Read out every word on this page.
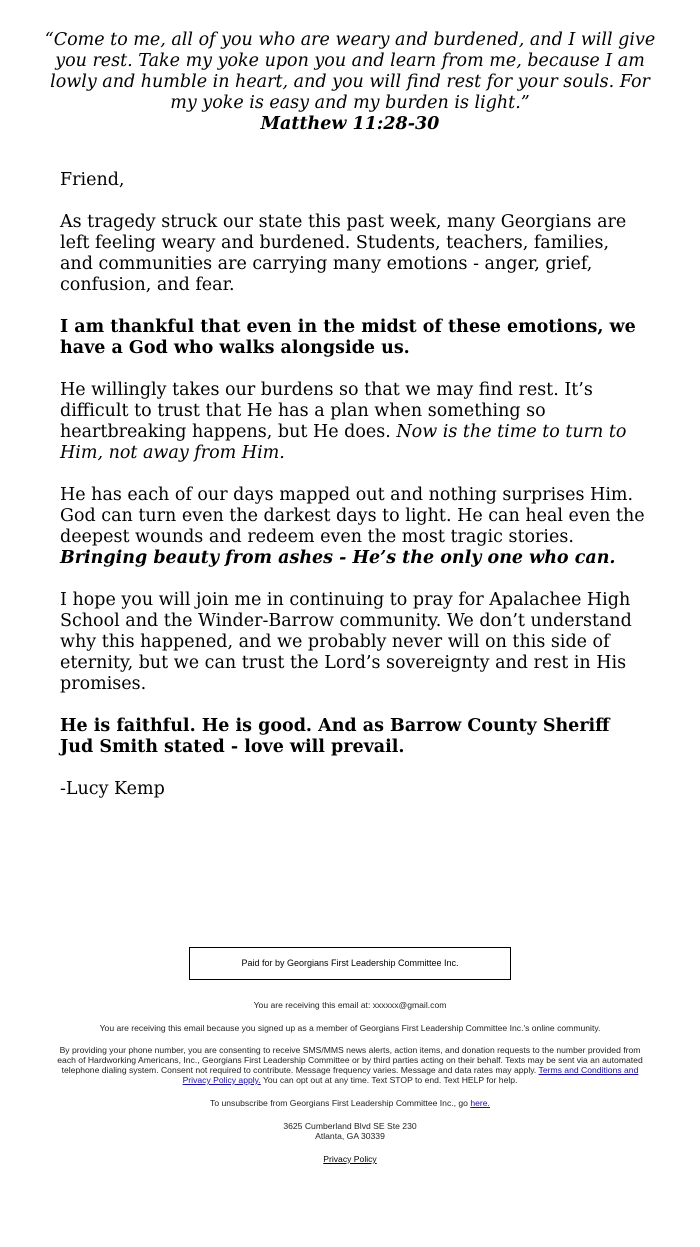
“Come to me, all of you who are weary and burdened, and I will give you rest. Take my yoke upon you and learn from me, because I am lowly and humble in heart, and you will find rest for your souls. For my yoke is easy and my burden is light.”

Matthew 11:28-30

Friend,

As tragedy struck our state this past week, many Georgians are left feeling weary and burdened. Students, teachers, families, and communities are carrying many emotions - anger, grief, confusion, and fear.

I am thankful that even in the midst of these emotions, we have a God who walks alongside us.

He willingly takes our burdens so that we may find rest. It’s difficult to trust that He has a plan when something so heartbreaking happens, but He does. Now is the time to turn to Him, not away from Him.

He has each of our days mapped out and nothing surprises Him. God can turn even the darkest days to light. He can heal even the deepest wounds and redeem even the most tragic stories. Bringing beauty from ashes - He’s the only one who can.

I hope you will join me in continuing to pray for Apalachee High School and the Winder-Barrow community. We don’t understand why this happened, and we probably never will on this side of eternity, but we can trust the Lord’s sovereignty and rest in His promises.

He is faithful. He is good. And as Barrow County Sheriff Jud Smith stated - love will prevail.

-Lucy Kemp

Paid for by Georgians First Leadership Committee Inc.

You are receiving this email at: xxxxxx@gmail.com

You are receiving this email because you signed up as a member of Georgians First Leadership Committee Inc.'s online community.

By providing your phone number, you are consenting to receive SMS/MMS news alerts, action items, and donation requests to the number provided from each of Hardworking Americans, Inc., Georgians First Leadership Committee or by third parties acting on their behalf. Texts may be sent via an automated telephone dialing system. Consent not required to contribute. Message frequency varies. Message and data rates may apply. Terms and Conditions and Privacy Policy apply. You can opt out at any time. Text STOP to end. Text HELP for help.

To unsubscribe from Georgians First Leadership Committee Inc., go here.

3625 Cumberland Blvd SE Ste 230

Atlanta, GA 30339

Privacy Policy
